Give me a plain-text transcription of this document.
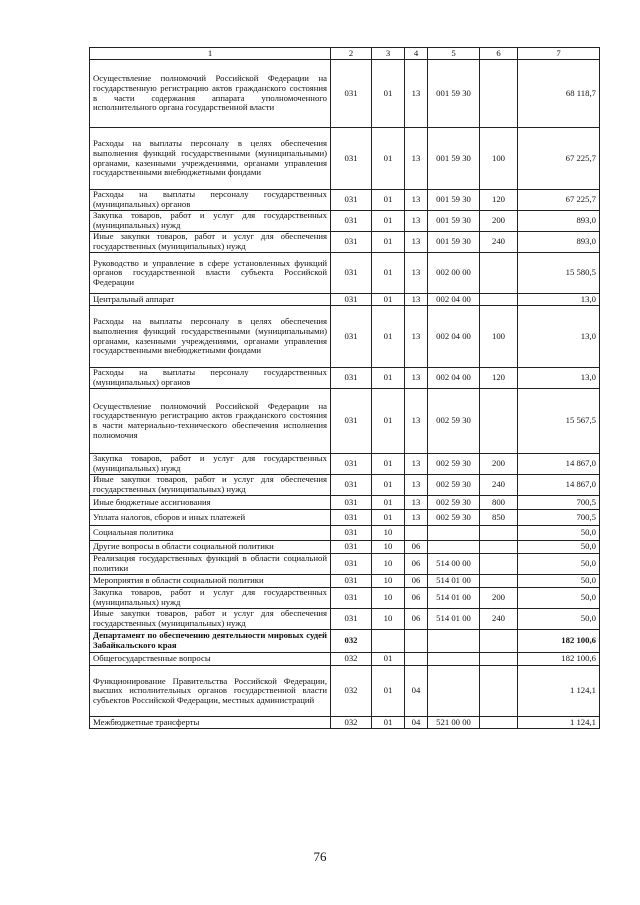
1	2	3	4	5	6	7
Осуществление полномочий Российской Федерации на государственную регистрацию актов гражданского состояния в части содержания аппарата уполномоченного исполнительного органа государственной власти	031	01	13	001 59 30		68 118,7
Расходы на выплаты персоналу в целях обеспечения выполнения функций государственными (муниципальными) органами, казенными учреждениями, органами управления государственными внебюджетными фондами	031	01	13	001 59 30	100	67 225,7
Расходы на выплаты персоналу государственных (муниципальных) органов	031	01	13	001 59 30	120	67 225,7
Закупка товаров, работ и услуг для государственных (муниципальных) нужд	031	01	13	001 59 30	200	893,0
Иные закупки товаров, работ и услуг для обеспечения государственных (муниципальных) нужд	031	01	13	001 59 30	240	893,0
Руководство и управление в сфере установленных функций органов государственной власти субъекта Российской Федерации	031	01	13	002 00 00		15 580,5
Центральный аппарат	031	01	13	002 04 00		13,0
Расходы на выплаты персоналу в целях обеспечения выполнения функций государственными (муниципальными) органами, казенными учреждениями, органами управления государственными внебюджетными фондами	031	01	13	002 04 00	100	13,0
Расходы на выплаты персоналу государственных (муниципальных) органов	031	01	13	002 04 00	120	13,0
Осуществление полномочий Российской Федерации на государственную регистрацию актов гражданского состояния в части материально-технического обеспечения исполнения полномочия	031	01	13	002 59 30		15 567,5
Закупка товаров, работ и услуг для государственных (муниципальных) нужд	031	01	13	002 59 30	200	14 867,0
Иные закупки товаров, работ и услуг для обеспечения государственных (муниципальных) нужд	031	01	13	002 59 30	240	14 867,0
Иные бюджетные ассигнования	031	01	13	002 59 30	800	700,5
Уплата налогов, сборов и иных платежей	031	01	13	002 59 30	850	700,5
Социальная политика	031	10				50,0
Другие вопросы в области социальной политики	031	10	06			50,0
Реализация государственных функций в области социальной политики	031	10	06	514 00 00		50,0
Мероприятия в области социальной политики	031	10	06	514 01 00		50,0
Закупка товаров, работ и услуг для государственных (муниципальных) нужд	031	10	06	514 01 00	200	50,0
Иные закупки товаров, работ и услуг для обеспечения государственных (муниципальных) нужд	031	10	06	514 01 00	240	50,0
Департамент по обеспечению деятельности мировых судей Забайкальского края	032					182 100,6
Общегосударственные вопросы	032	01				182 100,6
Функционирование Правительства Российской Федерации, высших исполнительных органов государственной власти субъектов Российской Федерации, местных администраций	032	01	04			1 124,1
Межбюджетные трансферты	032	01	04	521 00 00		1 124,1
76
